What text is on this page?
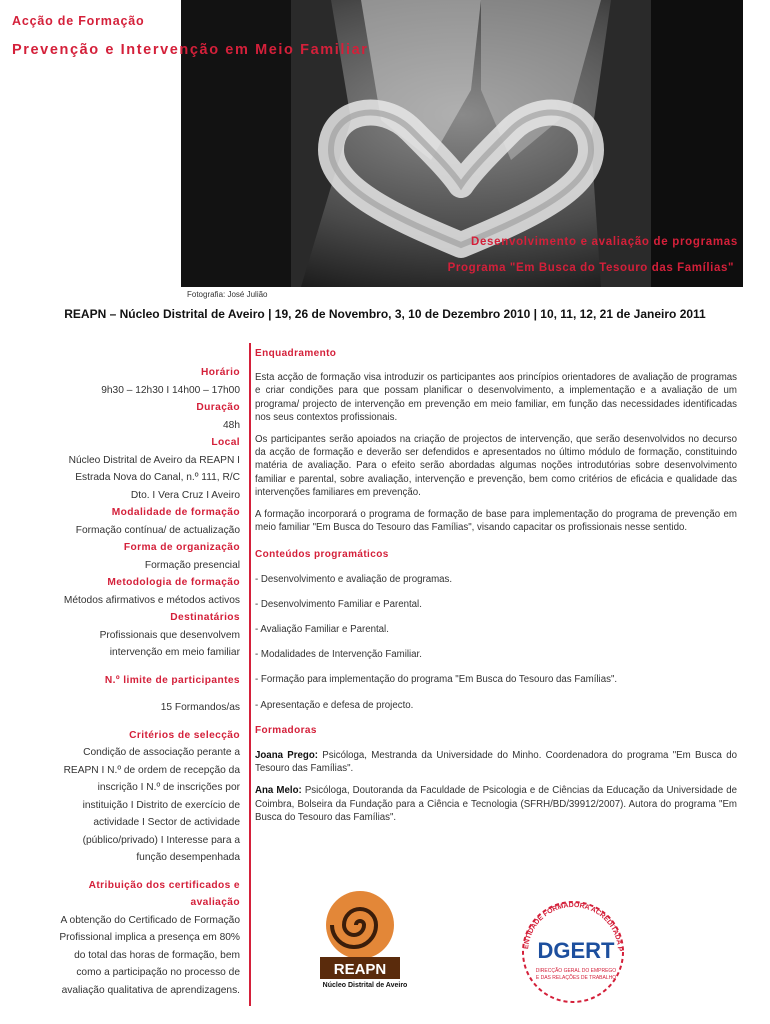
Acção de Formação
Prevenção e Intervenção em Meio Familiar
Desenvolvimento e avaliação de programas
Programa "Em Busca do Tesouro das Famílias"
Fotografia: José Julião
REAPN – Núcleo Distrital de Aveiro | 19, 26 de Novembro, 3, 10 de Dezembro 2010 | 10, 11, 12, 21 de Janeiro 2011
Horário
9h30 – 12h30 I 14h00 – 17h00
Duração
48h
Local
Núcleo Distrital de Aveiro da REAPN I
Estrada Nova do Canal, n.º 111, R/C
Dto. I Vera Cruz I Aveiro
Modalidade de formação
Formação contínua/ de actualização
Forma de organização
Formação presencial
Metodologia de formação
Métodos afirmativos e métodos activos
Destinatários
Profissionais que desenvolvem
intervenção em meio familiar
N.º limite de participantes
15 Formandos/as
Critérios de selecção
Condição de associação perante a
REAPN I N.º de ordem de recepção da
inscrição I N.º de inscrições por
instituição I Distrito de exercício de
actividade I Sector de actividade
(público/privado) I Interesse para a
função desempenhada
Atribuição dos certificados e
avaliação
A obtenção do Certificado de Formação
Profissional implica a presença em 80%
do total das horas de formação, bem
como a participação no processo de
avaliação qualitativa de aprendizagens.
Enquadramento

Esta acção de formação visa introduzir os participantes aos princípios orientadores de avaliação de programas e criar condições para que possam planificar o desenvolvimento, a implementação e a avaliação de um programa/ projecto de intervenção em prevenção em meio familiar, em função das necessidades identificadas nos seus contextos profissionais.

Os participantes serão apoiados na criação de projectos de intervenção, que serão desenvolvidos no decurso da acção de formação e deverão ser defendidos e apresentados no último módulo de formação, constituindo matéria de avaliação. Para o efeito serão abordadas algumas noções introdutórias sobre desenvolvimento familiar e parental, sobre avaliação, intervenção e prevenção, bem como critérios de eficácia e qualidade das intervenções familiares em prevenção.

A formação incorporará o programa de formação de base para implementação do programa de prevenção em meio familiar "Em Busca do Tesouro das Famílias", visando capacitar os profissionais nesse sentido.

Conteúdos programáticos
- Desenvolvimento e avaliação de programas.
- Desenvolvimento Familiar e Parental.
- Avaliação Familiar e Parental.
- Modalidades de Intervenção Familiar.
- Formação para implementação do programa "Em Busca do Tesouro das Famílias".
- Apresentação e defesa de projecto.
Formadoras

Joana Prego: Psicóloga, Mestranda da Universidade do Minho. Coordenadora do programa "Em Busca do Tesouro das Famílias".

Ana Melo: Psicóloga, Doutoranda da Faculdade de Psicologia e de Ciências da Educação da Universidade de Coimbra, Bolseira da Fundação para a Ciência e Tecnologia (SFRH/BD/39912/2007). Autora do programa "Em Busca do Tesouro das Famílias".

REAPN
Núcleo Distrital de Aveiro
ENTIDADE FORMADORA ACREDITADA P
DGERT
DIRECÇÃO GERAL DO EMPREGO
E DAS RELAÇÕES DE TRABALHO
